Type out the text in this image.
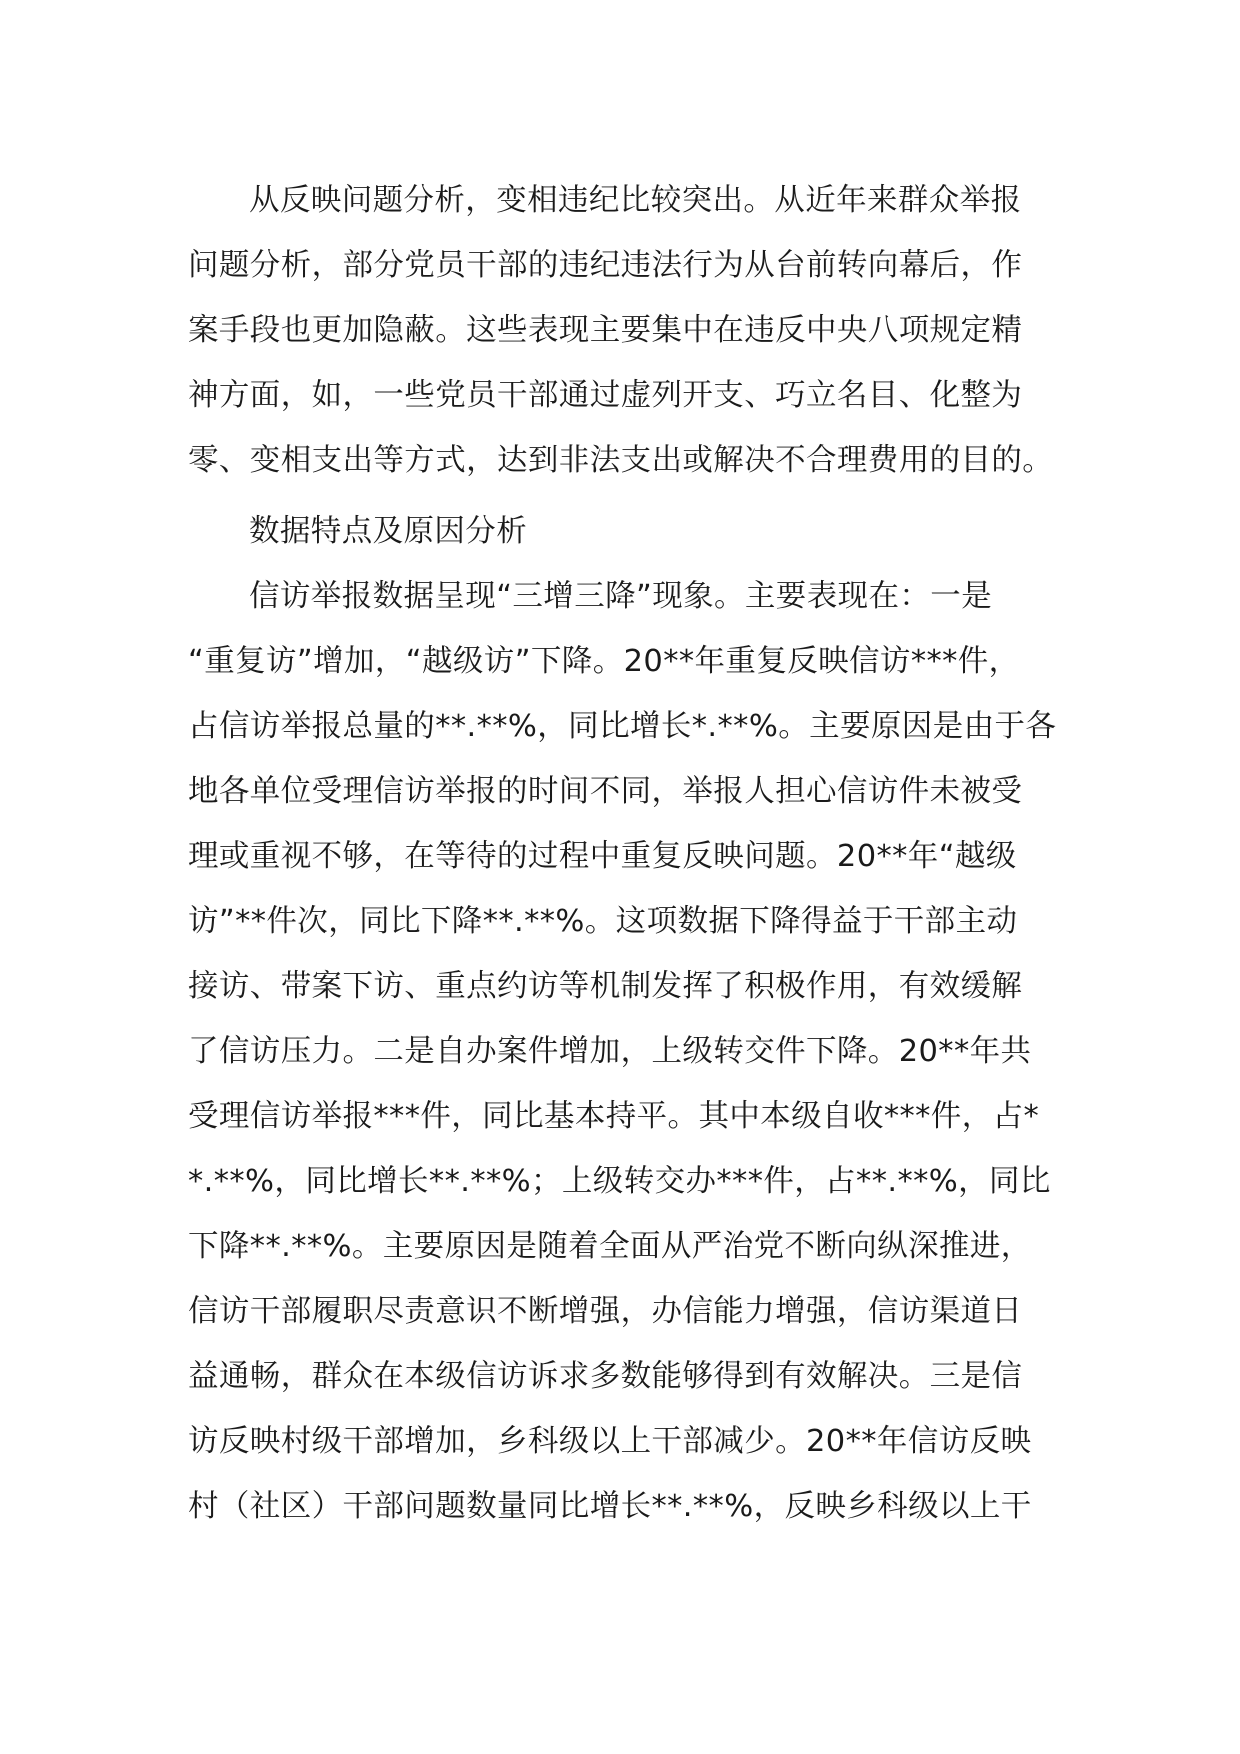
从反映问题分析，变相违纪比较突出。从近年来群众举报
问题分析，部分党员干部的违纪违法行为从台前转向幕后，作
案手段也更加隐蔽。这些表现主要集中在违反中央八项规定精
神方面，如，一些党员干部通过虚列开支、巧立名目、化整为
零、变相支出等方式，达到非法支出或解决不合理费用的目的。
数据特点及原因分析
信访举报数据呈现“三增三降”现象。主要表现在：一是
“重复访”增加，“越级访”下降。20**年重复反映信访***件，
占信访举报总量的**.**%，同比增长*.**%。主要原因是由于各
地各单位受理信访举报的时间不同，举报人担心信访件未被受
理或重视不够，在等待的过程中重复反映问题。20**年“越级
访”**件次，同比下降**.**%。这项数据下降得益于干部主动
接访、带案下访、重点约访等机制发挥了积极作用，有效缓解
了信访压力。二是自办案件增加，上级转交件下降。20**年共
受理信访举报***件，同比基本持平。其中本级自收***件，占*
*.**%，同比增长**.**%；上级转交办***件，占**.**%，同比
下降**.**%。主要原因是随着全面从严治党不断向纵深推进，
信访干部履职尽责意识不断增强，办信能力增强，信访渠道日
益通畅，群众在本级信访诉求多数能够得到有效解决。三是信
访反映村级干部增加，乡科级以上干部减少。20**年信访反映
村（社区）干部问题数量同比增长**.**%，反映乡科级以上干
